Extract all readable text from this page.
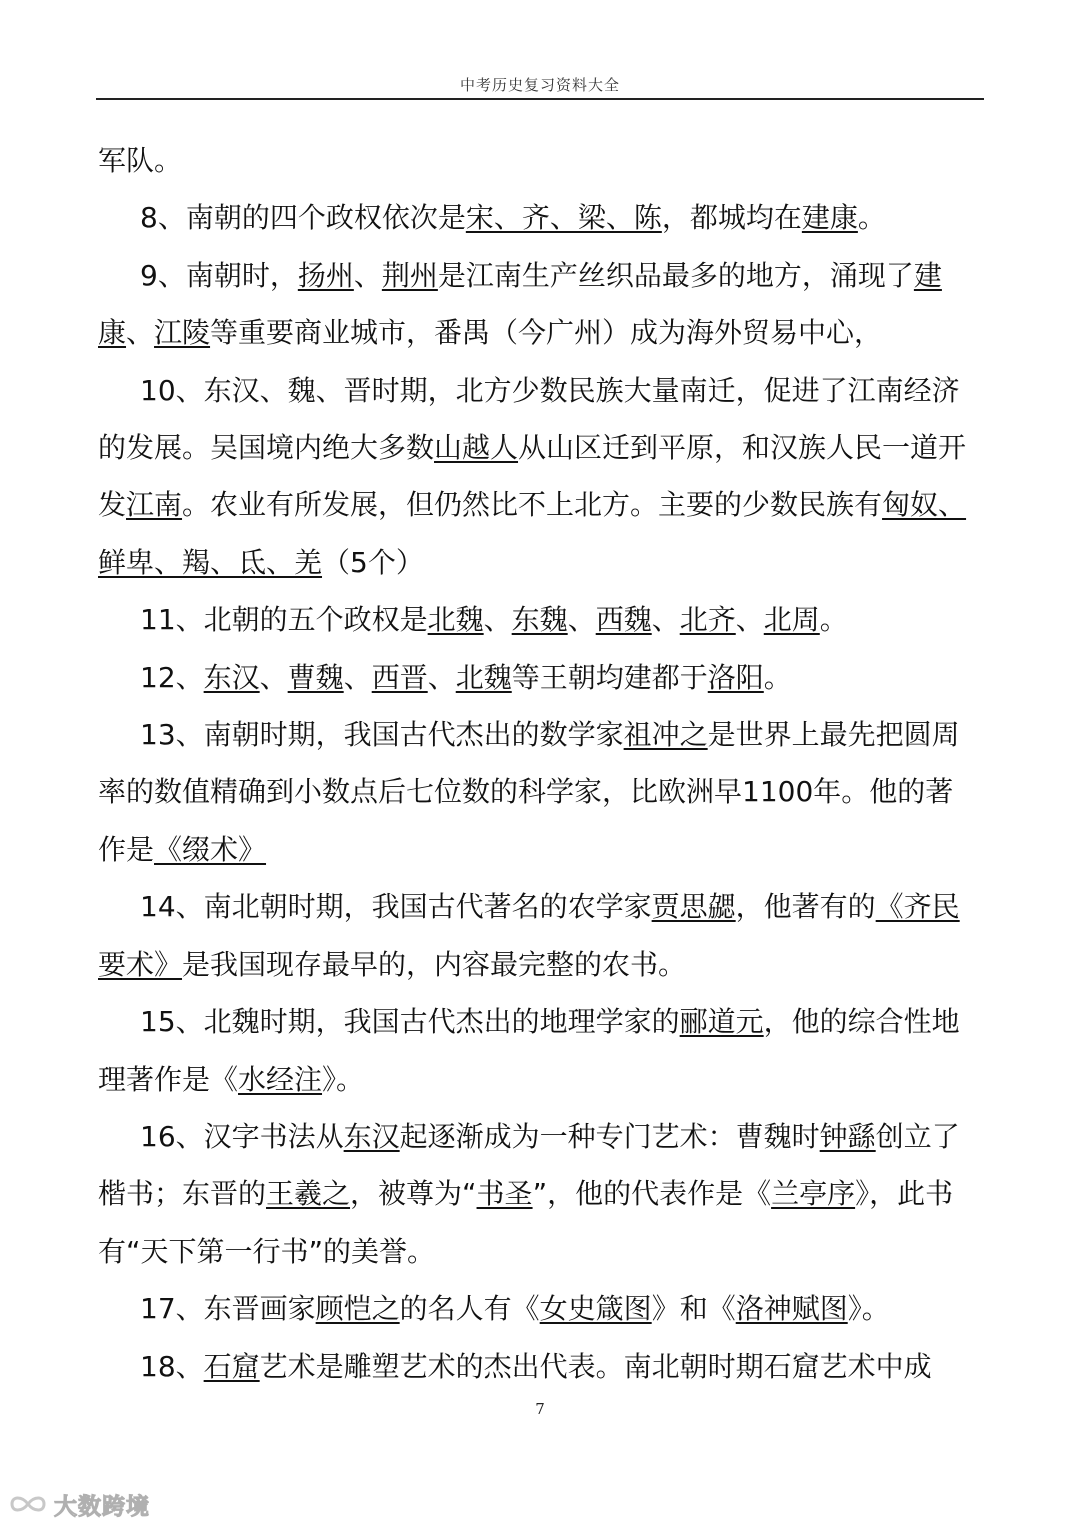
中考历史复习资料大全

军队。

8、南朝的四个政权依次是宋、齐、梁、陈，都城均在建康。

9、南朝时，扬州、荆州是江南生产丝织品最多的地方，涌现了建康、江陵等重要商业城市，番禺（今广州）成为海外贸易中心，

10、东汉、魏、晋时期，北方少数民族大量南迁，促进了江南经济的发展。吴国境内绝大多数山越人从山区迁到平原，和汉族人民一道开发江南。农业有所发展，但仍然比不上北方。主要的少数民族有匈奴、鲜卑、羯、氐、羌（5个）

11、北朝的五个政权是北魏、东魏、西魏、北齐、北周。

12、东汉、曹魏、西晋、北魏等王朝均建都于洛阳。

13、南朝时期，我国古代杰出的数学家祖冲之是世界上最先把圆周率的数值精确到小数点后七位数的科学家，比欧洲早1100年。他的著作是《缀术》

14、南北朝时期，我国古代著名的农学家贾思勰，他著有的《齐民要术》是我国现存最早的，内容最完整的农书。

15、北魏时期，我国古代杰出的地理学家的郦道元，他的综合性地理著作是《水经注》。

16、汉字书法从东汉起逐渐成为一种专门艺术：曹魏时钟繇创立了楷书；东晋的王羲之，被尊为“书圣”，他的代表作是《兰亭序》，此书有“天下第一行书”的美誉。

17、东晋画家顾恺之的名人有《女史箴图》和《洛神赋图》。

18、石窟艺术是雕塑艺术的杰出代表。南北朝时期石窟艺术中成

7
大数跨境
